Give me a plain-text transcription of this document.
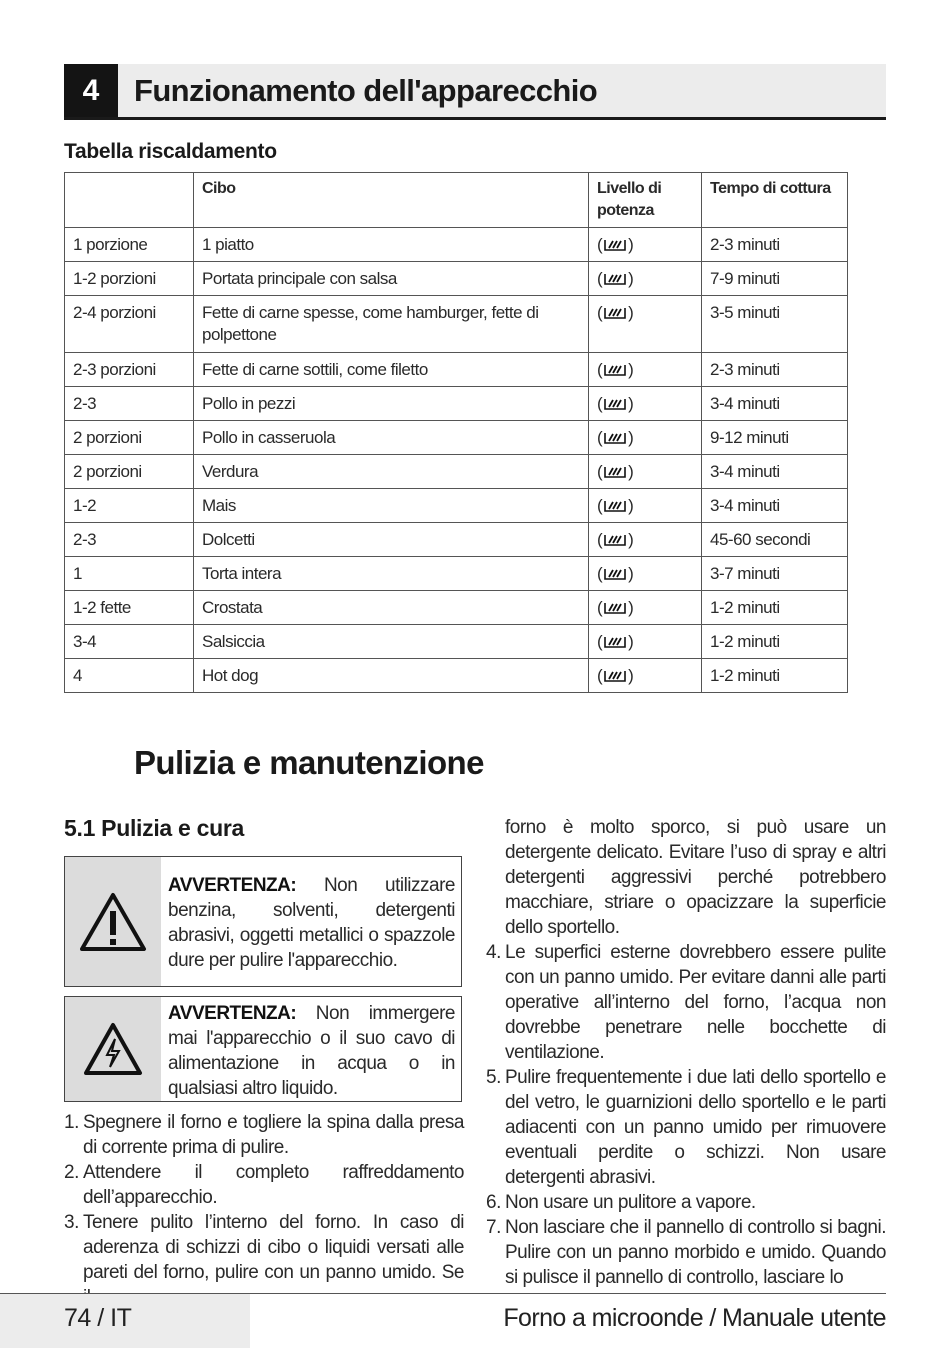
4	Funzionamento dell'apparecchio
Tabella riscaldamento
	Cibo	Livello di potenza	Tempo di cottura
1 porzione	1 piatto	( )	2-3 minuti
1-2 porzioni	Portata principale con salsa	( )	7-9 minuti
2-4 porzioni	Fette di carne spesse, come hamburger, fette di polpettone	( )	3-5 minuti
2-3 porzioni	Fette di carne sottili, come filetto	( )	2-3 minuti
2-3	Pollo in pezzi	( )	3-4 minuti
2 porzioni	Pollo in casseruola	( )	9-12 minuti
2 porzioni	Verdura	( )	3-4 minuti
1-2	Mais	( )	3-4 minuti
2-3	Dolcetti	( )	45-60 secondi
1	Torta intera	( )	3-7 minuti
1-2 fette	Crostata	( )	1-2 minuti
3-4	Salsiccia	( )	1-2 minuti
4	Hot dog	( )	1-2 minuti
Pulizia e manutenzione
5.1 Pulizia e cura
AVVERTENZA: Non utilizzare benzina, solventi, detergenti abrasivi, oggetti metallici o spazzole dure per pulire l'apparecchio.
AVVERTENZA: Non immergere mai l'apparecchio o il suo cavo di alimentazione in acqua o in qualsiasi altro liquido.
1. Spegnere il forno e togliere la spina dalla presa di corrente prima di pulire.
2. Attendere il completo raffreddamento dell’apparecchio.
3. Tenere pulito l’interno del forno. In caso di aderenza di schizzi di cibo o liquidi versati alle pareti del forno, pulire con un panno umido. Se
forno è molto sporco, si può usare un detergente delicato. Evitare l’uso di spray e altri detergenti aggressivi perché potrebbero macchiare, striare o opacizzare la superficie dello sportello.
4. Le superfici esterne dovrebbero essere pulite con un panno umido. Per evitare danni alle parti operative all’interno del forno, l’acqua non dovrebbe penetrare nelle bocchette di ventilazione.
5. Pulire frequentemente i due lati dello sportello e del vetro, le guarnizioni dello sportello e le parti adiacenti con un panno umido per rimuovere eventuali perdite o schizzi. Non usare detergenti abrasivi.
6. Non usare un pulitore a vapore.
7. Non lasciare che il pannello di controllo si bagni. Pulire con un panno morbido e umido. Quando si pulisce il pannello di controllo, lasciare lo
74 / IT	Forno a microonde / Manuale utente
